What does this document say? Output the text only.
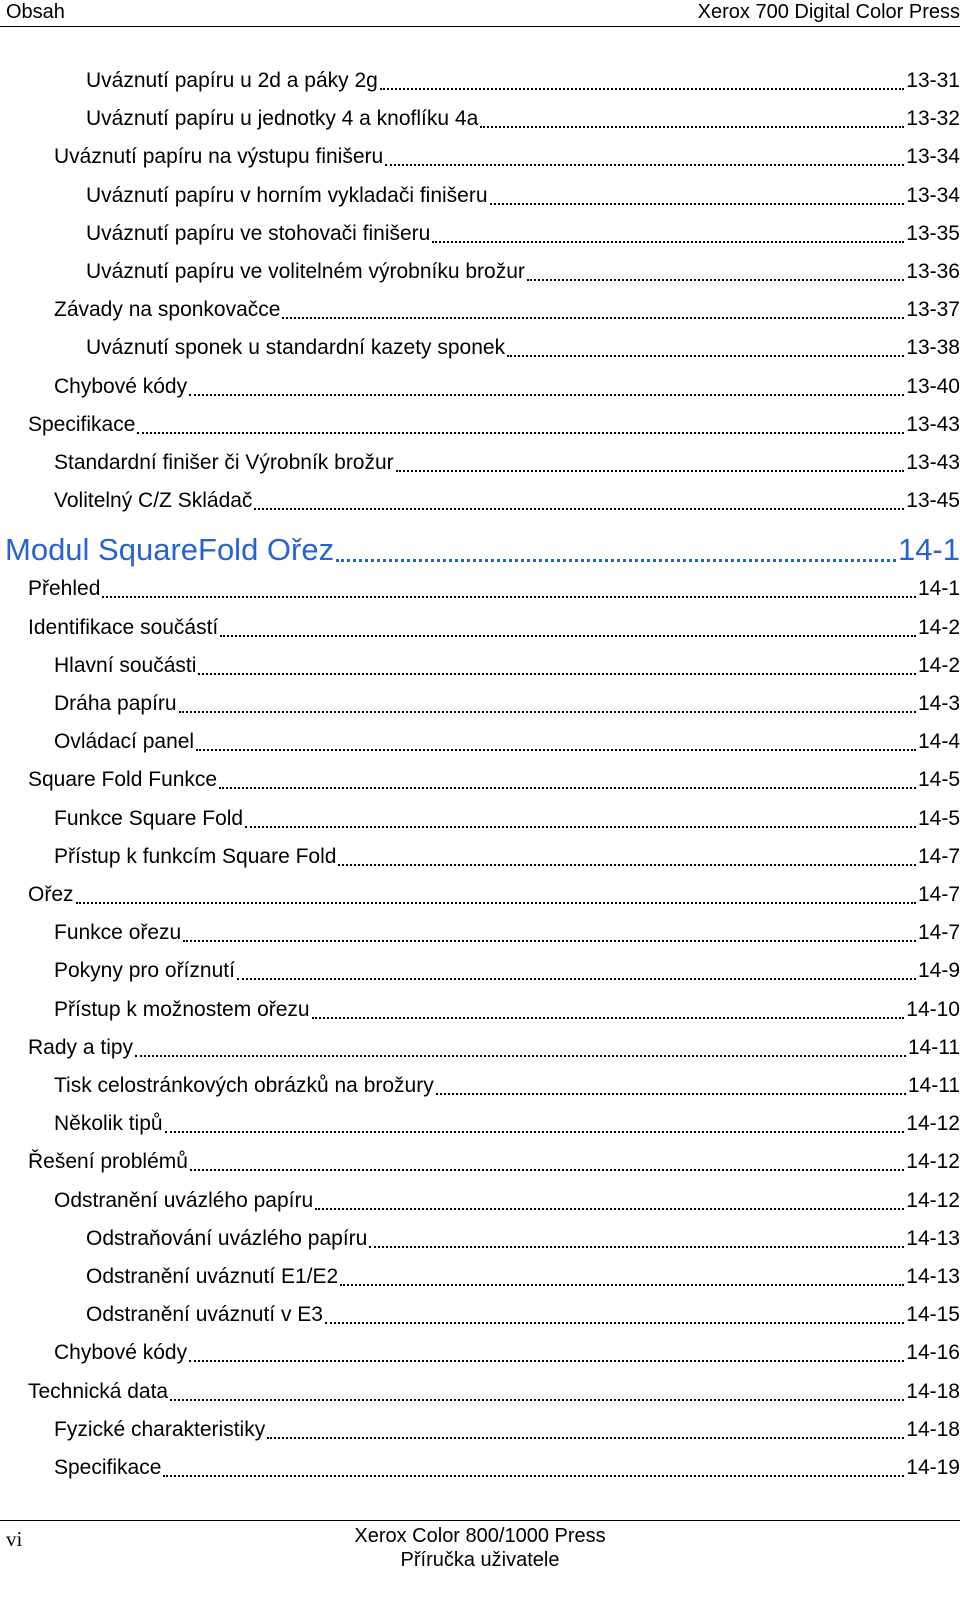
Obsah	Xerox 700 Digital Color Press
Uváznutí papíru u 2d a páky 2g	13-31
Uváznutí papíru u jednotky 4 a knoflíku 4a	13-32
Uváznutí papíru na výstupu finišeru	13-34
Uváznutí papíru v horním vykladači finišeru	13-34
Uváznutí papíru ve stohovači finišeru	13-35
Uváznutí papíru ve volitelném výrobníku brožur	13-36
Závady na sponkovačce	13-37
Uváznutí sponek u standardní kazety sponek	13-38
Chybové kódy	13-40
Specifikace	13-43
Standardní finišer či Výrobník brožur	13-43
Volitelný C/Z Skládač	13-45
Modul SquareFold Ořez	14-1
Přehled	14-1
Identifikace součástí	14-2
Hlavní součásti	14-2
Dráha papíru	14-3
Ovládací panel	14-4
Square Fold Funkce	14-5
Funkce Square Fold	14-5
Přístup k funkcím Square Fold	14-7
Ořez	14-7
Funkce ořezu	14-7
Pokyny pro oříznutí	14-9
Přístup k možnostem ořezu	14-10
Rady a tipy	14-11
Tisk celostránkových obrázků na brožury	14-11
Několik tipů	14-12
Řešení problémů	14-12
Odstranění uvázlého papíru	14-12
Odstraňování uvázlého papíru	14-13
Odstranění uváznutí E1/E2	14-13
Odstranění uváznutí v E3	14-15
Chybové kódy	14-16
Technická data	14-18
Fyzické charakteristiky	14-18
Specifikace	14-19
vi	Xerox Color 800/1000 Press
Příručka uživatele
